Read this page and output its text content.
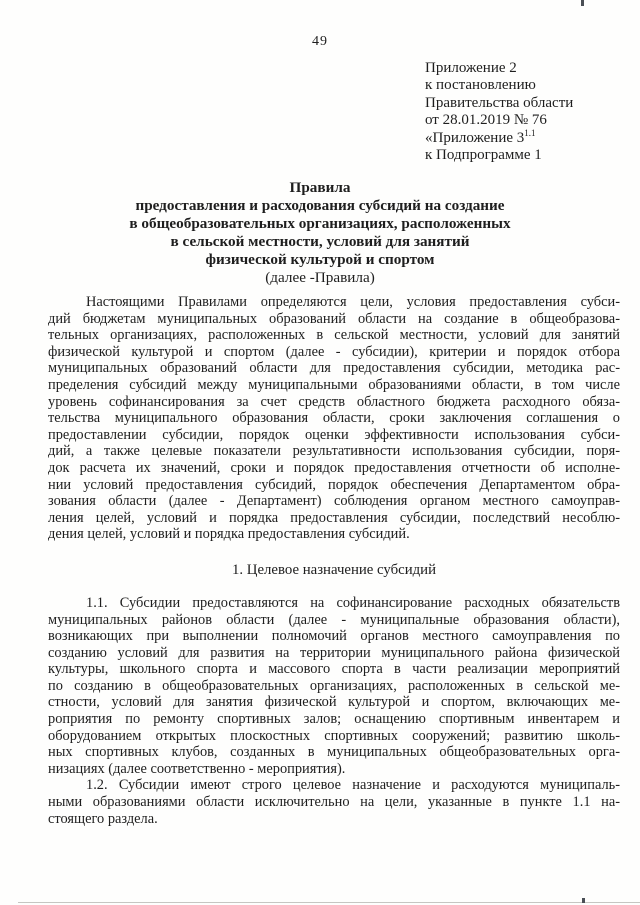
49
Приложение 2
к постановлению
Правительства области
от 28.01.2019 № 76
«Приложение $3^{1.1}$
к Подпрограмме 1
Правила
предоставления и расходования субсидий на создание
в общеобразовательных организациях, расположенных
в сельской местности, условий для занятий
физической культурой и спортом
(далее -Правила)
Настоящими Правилами определяются цели, условия предоставления субси-
дий бюджетам муниципальных образований области на создание в общеобразова-
тельных организациях, расположенных в сельской местности, условий для занятий
физической культурой и спортом (далее - субсидии), критерии и порядок отбора
муниципальных образований области для предоставления субсидии, методика рас-
пределения субсидий между муниципальными образованиями области, в том числе
уровень софинансирования за счет средств областного бюджета расходного обяза-
тельства муниципального образования области, сроки заключения соглашения о
предоставлении субсидии, порядок оценки эффективности использования субси-
дий, а также целевые показатели результативности использования субсидии, поря-
док расчета их значений, сроки и порядок предоставления отчетности об исполне-
нии условий предоставления субсидий, порядок обеспечения Департаментом обра-
зования области (далее - Департамент) соблюдения органом местного самоуправ-
ления целей, условий и порядка предоставления субсидии, последствий несоблю-
дения целей, условий и порядка предоставления субсидий.
1. Целевое назначение субсидий
1.1. Субсидии предоставляются на софинансирование расходных обязательств
муниципальных районов области (далее - муниципальные образования области),
возникающих при выполнении полномочий органов местного самоуправления по
созданию условий для развития на территории муниципального района физической
культуры, школьного спорта и массового спорта в части реализации мероприятий
по созданию в общеобразовательных организациях, расположенных в сельской ме-
стности, условий для занятия физической культурой и спортом, включающих ме-
роприятия по ремонту спортивных залов; оснащению спортивным инвентарем и
оборудованием открытых плоскостных спортивных сооружений; развитию школь-
ных спортивных клубов, созданных в муниципальных общеобразовательных орга-
низациях (далее соответственно - мероприятия).
1.2. Субсидии имеют строго целевое назначение и расходуются муниципаль-
ными образованиями области исключительно на цели, указанные в пункте 1.1 на-
стоящего раздела.
